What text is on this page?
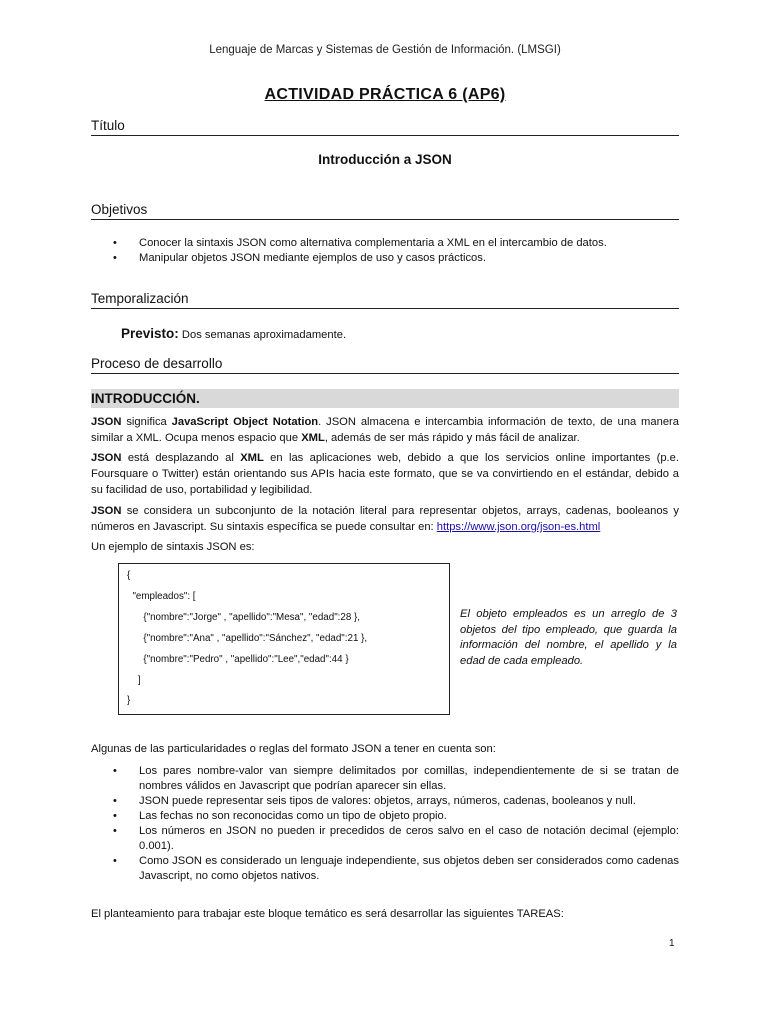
Lenguaje de Marcas y Sistemas de Gestión de Información. (LMSGI)
ACTIVIDAD PRÁCTICA 6 (AP6)
Título
Introducción a JSON
Objetivos
• Conocer la sintaxis JSON como alternativa complementaria a XML en el intercambio de datos.
• Manipular objetos JSON mediante ejemplos de uso y casos prácticos.
Temporalización
Previsto: Dos semanas aproximadamente.
Proceso de desarrollo
INTRODUCCIÓN.
JSON significa JavaScript Object Notation. JSON almacena e intercambia información de texto, de una manera similar a XML. Ocupa menos espacio que XML, además de ser más rápido y más fácil de analizar.
JSON está desplazando al XML en las aplicaciones web, debido a que los servicios online importantes (p.e. Foursquare o Twitter) están orientando sus APIs hacia este formato, que se va convirtiendo en el estándar, debido a su facilidad de uso, portabilidad y legibilidad.
JSON se considera un subconjunto de la notación literal para representar objetos, arrays, cadenas, booleanos y números en Javascript. Su sintaxis específica se puede consultar en: https://www.json.org/json-es.html
Un ejemplo de sintaxis JSON es:
{
"empleados": [
{"nombre":"Jorge" , "apellido":"Mesa", "edad":28 },
{"nombre":"Ana" , "apellido":"Sánchez", "edad":21 },
{"nombre":"Pedro" , "apellido":"Lee","edad":44 }
]
}
El objeto empleados es un arreglo de 3 objetos del tipo empleado, que guarda la información del nombre, el apellido y la edad de cada empleado.
Algunas de las particularidades o reglas del formato JSON a tener en cuenta son:
• Los pares nombre-valor van siempre delimitados por comillas, independientemente de si se tratan de nombres válidos en Javascript que podrían aparecer sin ellas.
• JSON puede representar seis tipos de valores: objetos, arrays, números, cadenas, booleanos y null.
• Las fechas no son reconocidas como un tipo de objeto propio.
• Los números en JSON no pueden ir precedidos de ceros salvo en el caso de notación decimal (ejemplo: 0.001).
• Como JSON es considerado un lenguaje independiente, sus objetos deben ser considerados como cadenas Javascript, no como objetos nativos.
El planteamiento para trabajar este bloque temático es será desarrollar las siguientes TAREAS:
1
